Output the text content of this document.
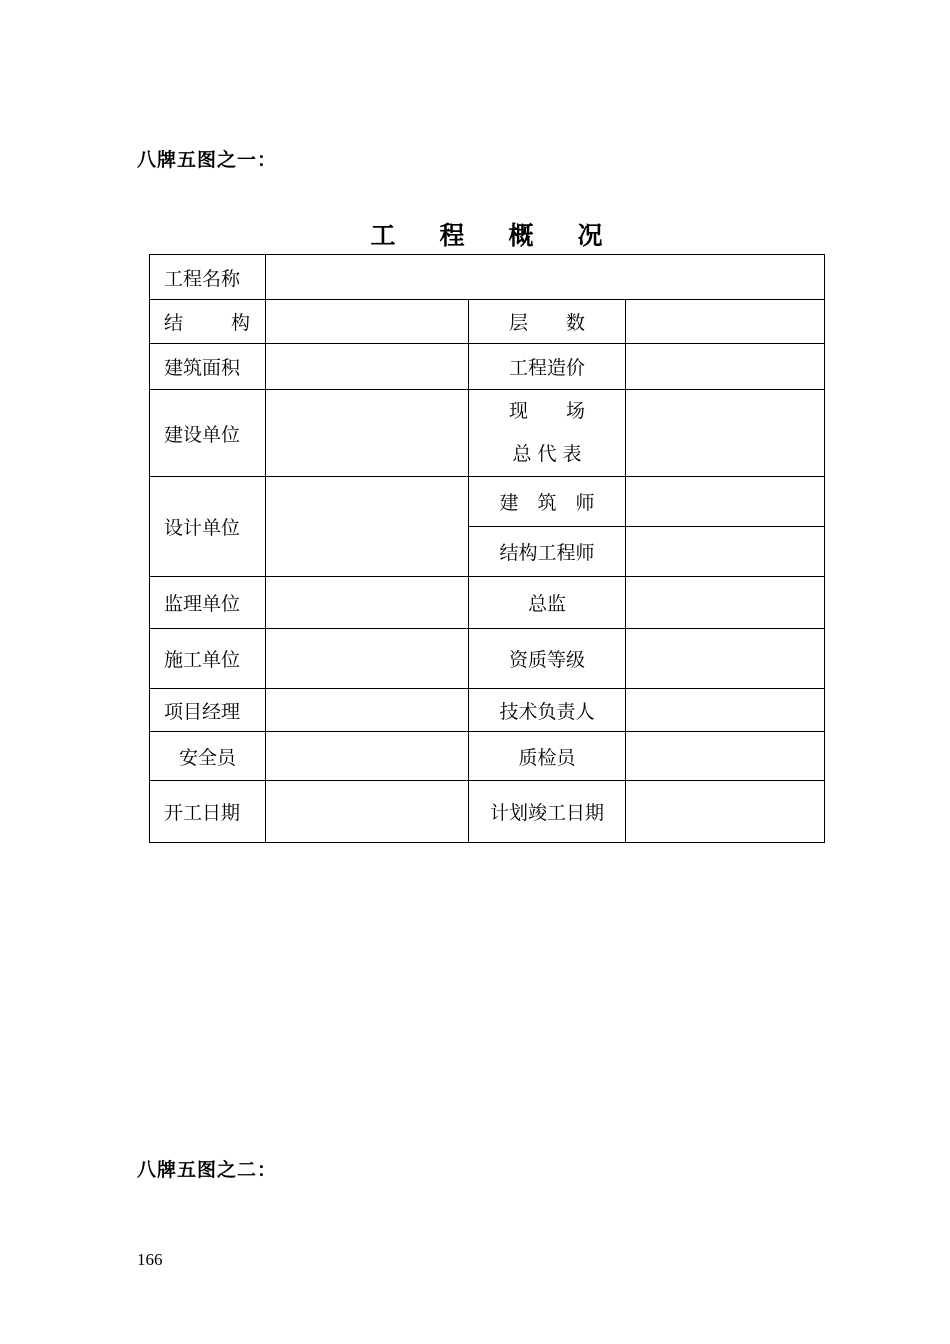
八牌五图之一：
工 程 概 况
工程名称			
结　　构		层　　数	
建筑面积		工程造价	
建设单位		现　　场
总 代 表	

设计单位		建　筑　师	
		结构工程师	
监理单位		总监	
施工单位		资质等级	
项目经理		技术负责人	
安全员		质检员	
开工日期		计划竣工日期	
八牌五图之二：
166
